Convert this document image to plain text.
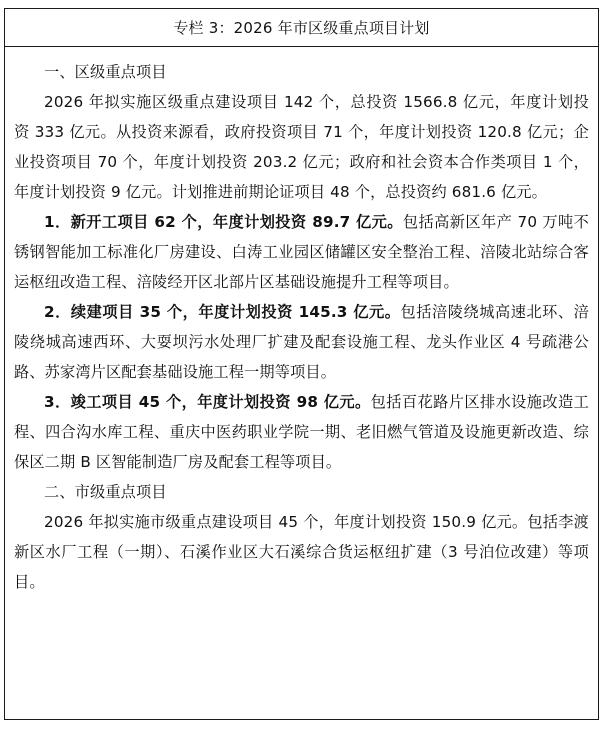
专栏 3：2026 年市区级重点项目计划

一、区级重点项目

2026 年拟实施区级重点建设项目 142 个，总投资 1566.8 亿元，年度计划投资 333 亿元。从投资来源看，政府投资项目 71 个，年度计划投资 120.8 亿元；企业投资项目 70 个，年度计划投资 203.2 亿元；政府和社会资本合作类项目 1 个，年度计划投资 9 亿元。计划推进前期论证项目 48 个，总投资约 681.6 亿元。

1．新开工项目 62 个，年度计划投资 89.7 亿元。包括高新区年产 70 万吨不锈钢智能加工标准化厂房建设、白涛工业园区储罐区安全整治工程、涪陵北站综合客运枢纽改造工程、涪陵经开区北部片区基础设施提升工程等项目。

2．续建项目 35 个，年度计划投资 145.3 亿元。包括涪陵绕城高速北环、涪陵绕城高速西环、大耍坝污水处理厂扩建及配套设施工程、龙头作业区 4 号疏港公路、苏家湾片区配套基础设施工程一期等项目。

3．竣工项目 45 个，年度计划投资 98 亿元。包括百花路片区排水设施改造工程、四合沟水库工程、重庆中医药职业学院一期、老旧燃气管道及设施更新改造、综保区二期 B 区智能制造厂房及配套工程等项目。

二、市级重点项目

2026 年拟实施市级重点建设项目 45 个，年度计划投资 150.9 亿元。包括李渡新区水厂工程（一期）、石溪作业区大石溪综合货运枢纽扩建（3 号泊位改建）等项目。
